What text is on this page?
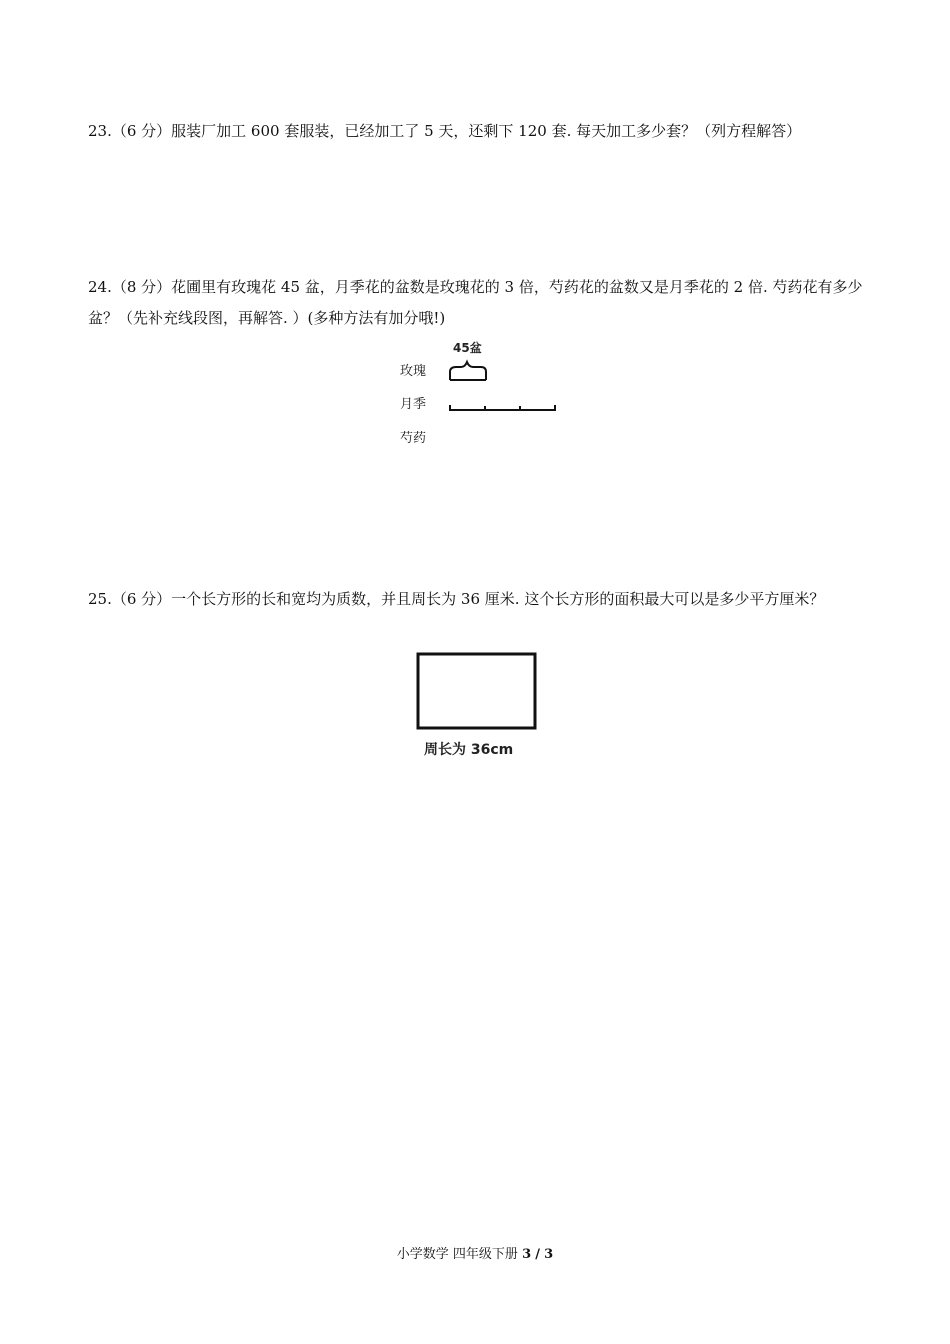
23.（6 分）服装厂加工 600 套服装，已经加工了 5 天，还剩下 120 套. 每天加工多少套？（列方程解答）

24.（8 分）花圃里有玫瑰花 45 盆，月季花的盆数是玫瑰花的 3 倍，芍药花的盆数又是月季花的 2 倍. 芍药花有多少盆？（先补充线段图，再解答. ）(多种方法有加分哦!)

45盆
玫瑰
月季
芍药

25.（6 分）一个长方形的长和宽均为质数，并且周长为 36 厘米. 这个长方形的面积最大可以是多少平方厘米？

周长为 36cm
小学数学 四年级下册 3 / 3
